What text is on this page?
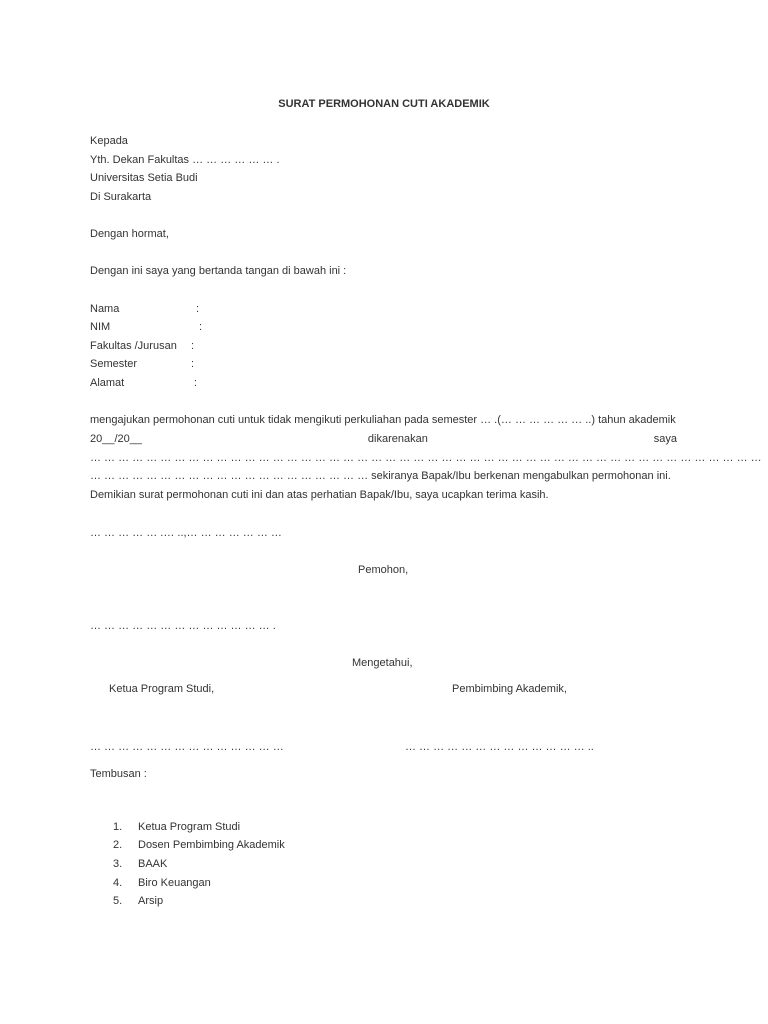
SURAT PERMOHONAN CUTI AKADEMIK
Kepada
Yth. Dekan Fakultas … … … … … … .
Universitas Setia Budi
Di Surakarta
Dengan hormat,
Dengan ini saya yang bertanda tangan di bawah ini :
Nama	:
NIM	:
Fakultas /Jurusan :
Semester	:
Alamat	:
mengajukan permohonan cuti untuk tidak mengikuti perkuliahan pada semester … .(… … … … … … ..) tahun akademik
20__/20__	dikarenakan	saya
… … … … … … … … … … … … … … … … … … … … … … … … … … … … … … … … … … … … … … … … … … … … … … … …
… … … … … … … … … … … … … … … … … … … … sekiranya Bapak/Ibu berkenan mengabulkan permohonan ini.
Demikian surat permohonan cuti ini dan atas perhatian Bapak/Ibu, saya ucapkan terima kasih.
… … … … … .… ..,… … … … … … …
Pemohon,
… … … … … … … … … … … … … .
Mengetahui,
Ketua Program Studi,	Pembimbing Akademik,
… … … … … … … … … … … … … …	… … … … … … … … … … … … … ..
Tembusan :
1. Ketua Program Studi
2. Dosen Pembimbing Akademik
3. BAAK
4. Biro Keuangan
5. Arsip
